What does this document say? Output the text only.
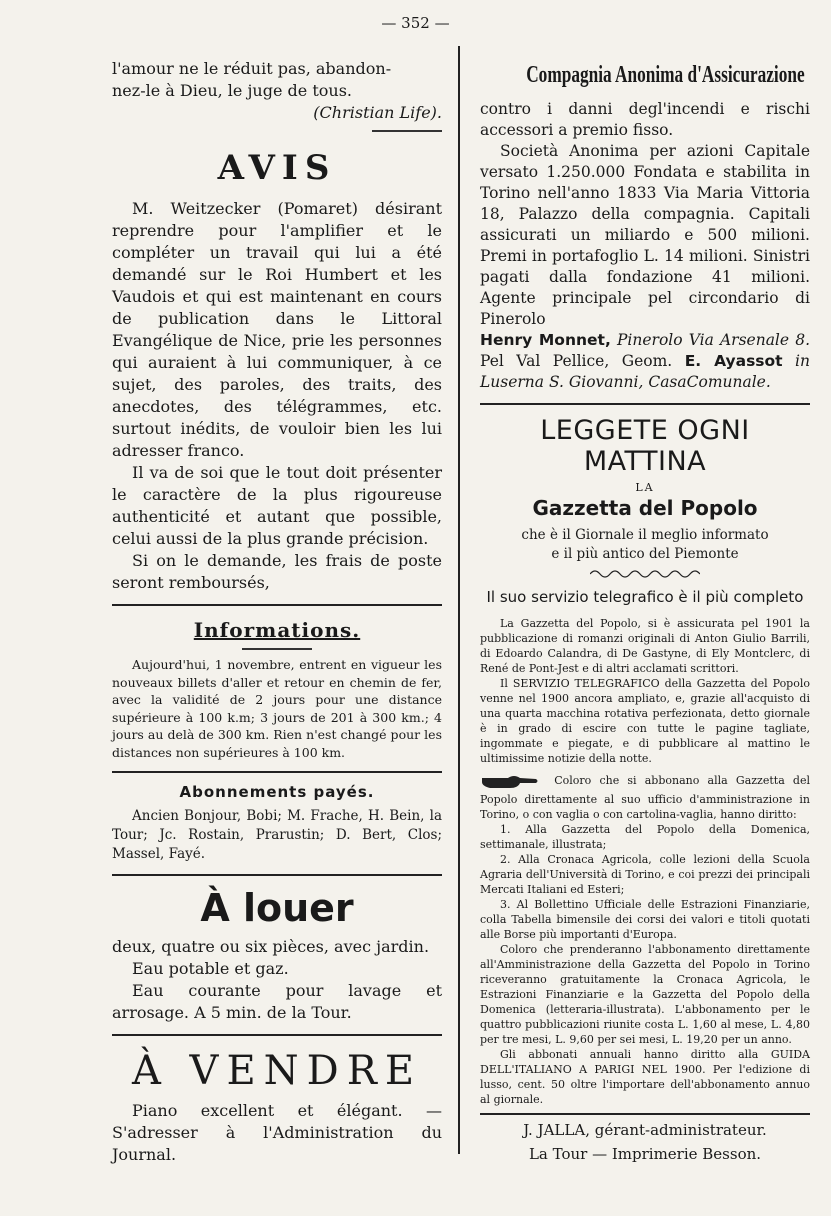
— 352 —

l'amour ne le réduit pas, abandon-

nez-le à Dieu, le juge de tous.

(Christian Life).

AVIS

M. Weitzecker (Pomaret) désirant reprendre pour l'amplifier et le compléter un travail qui lui a été demandé sur le Roi Humbert et les Vaudois et qui est maintenant en cours de publication dans le Littoral Evangélique de Nice, prie les personnes qui auraient à lui communiquer, à ce sujet, des paroles, des traits, des anecdotes, des télégrammes, etc. surtout inédits, de vouloir bien les lui adresser franco.

Il va de soi que le tout doit présenter le caractère de la plus rigoureuse authenticité et autant que possible, celui aussi de la plus grande précision.

Si on le demande, les frais de poste seront remboursés,

Informations.

Aujourd'hui, 1 novembre, entrent en vigueur les nouveaux billets d'aller et retour en chemin de fer, avec la validité de 2 jours pour une distance supérieure à 100 k.m; 3 jours de 201 à 300 km.; 4 jours au delà de 300 km. Rien n'est changé pour les distances non supérieures à 100 km.

Abonnements payés.

Ancien Bonjour, Bobi; M. Frache, H. Bein, la Tour; Jc. Rostain, Prarustin; D. Bert, Clos; Massel, Fayé.

À louer

deux, quatre ou six pièces, avec jardin.

Eau potable et gaz.

Eau courante pour lavage et arrosage. A 5 min. de la Tour.

À VENDRE

Piano excellent et élégant. — S'adresser à l'Administration du Journal.

Compagnia Anonima d'Assicurazione

contro i danni degl'incendi e rischi accessori a premio fisso.

Società Anonima per azioni Capitale versato 1.250.000 Fondata e stabilita in Torino nell'anno 1833 Via Maria Vittoria 18, Palazzo della compagnia. Capitali assicurati un miliardo e 500 milioni. Premi in portafoglio L. 14 milioni. Sinistri pagati dalla fondazione 41 milioni. Agente principale pel circondario di Pinerolo

Henry Monnet, Pinerolo Via Arsenale 8. Pel Val Pellice, Geom. E. Ayassot in Luserna S. Giovanni, CasaComunale.

LEGGETE OGNI MATTINA
LA
Gazzetta del Popolo
che è il Giornale il meglio informato
e il più antico del Piemonte
Il suo servizio telegrafico è il più completo

La Gazzetta del Popolo, si è assicurata pel 1901 la pubblicazione di romanzi originali di Anton Giulio Barrili, di Edoardo Calandra, di De Gastyne, di Ely Montclerc, di René de Pont-Jest e di altri acclamati scrittori.

Il SERVIZIO TELEGRAFICO della Gazzetta del Popolo venne nel 1900 ancora ampliato, e, grazie all'acquisto di una quarta macchina rotativa perfezionata, detto giornale è in grado di escire con tutte le pagine tagliate, ingommate e piegate, e di pubblicare al mattino le ultimissime notizie della notte.

Coloro che si abbonano alla Gazzetta del Popolo direttamente al suo ufficio d'amministrazione in Torino, o con vaglia o con cartolina-vaglia, hanno diritto:

1. Alla Gazzetta del Popolo della Domenica, settimanale, illustrata;

2. Alla Cronaca Agricola, colle lezioni della Scuola Agraria dell'Università di Torino, e coi prezzi dei principali Mercati Italiani ed Esteri;

3. Al Bollettino Ufficiale delle Estrazioni Finanziarie, colla Tabella bimensile dei corsi dei valori e titoli quotati alle Borse più importanti d'Europa.

Coloro che prenderanno l'abbonamento direttamente all'Amministrazione della Gazzetta del Popolo in Torino riceveranno gratuitamente la Cronaca Agricola, le Estrazioni Finanziarie e la Gazzetta del Popolo della Domenica (letteraria-illustrata). L'abbonamento per le quattro pubblicazioni riunite costa L. 1,60 al mese, L. 4,80 per tre mesi, L. 9,60 per sei mesi, L. 19,20 per un anno.

Gli abbonati annuali hanno diritto alla GUIDA DELL'ITALIANO A PARIGI NEL 1900. Per l'edizione di lusso, cent. 50 oltre l'importare dell'abbonamento annuo al giornale.

J. JALLA, gérant-administrateur.
La Tour — Imprimerie Besson.
